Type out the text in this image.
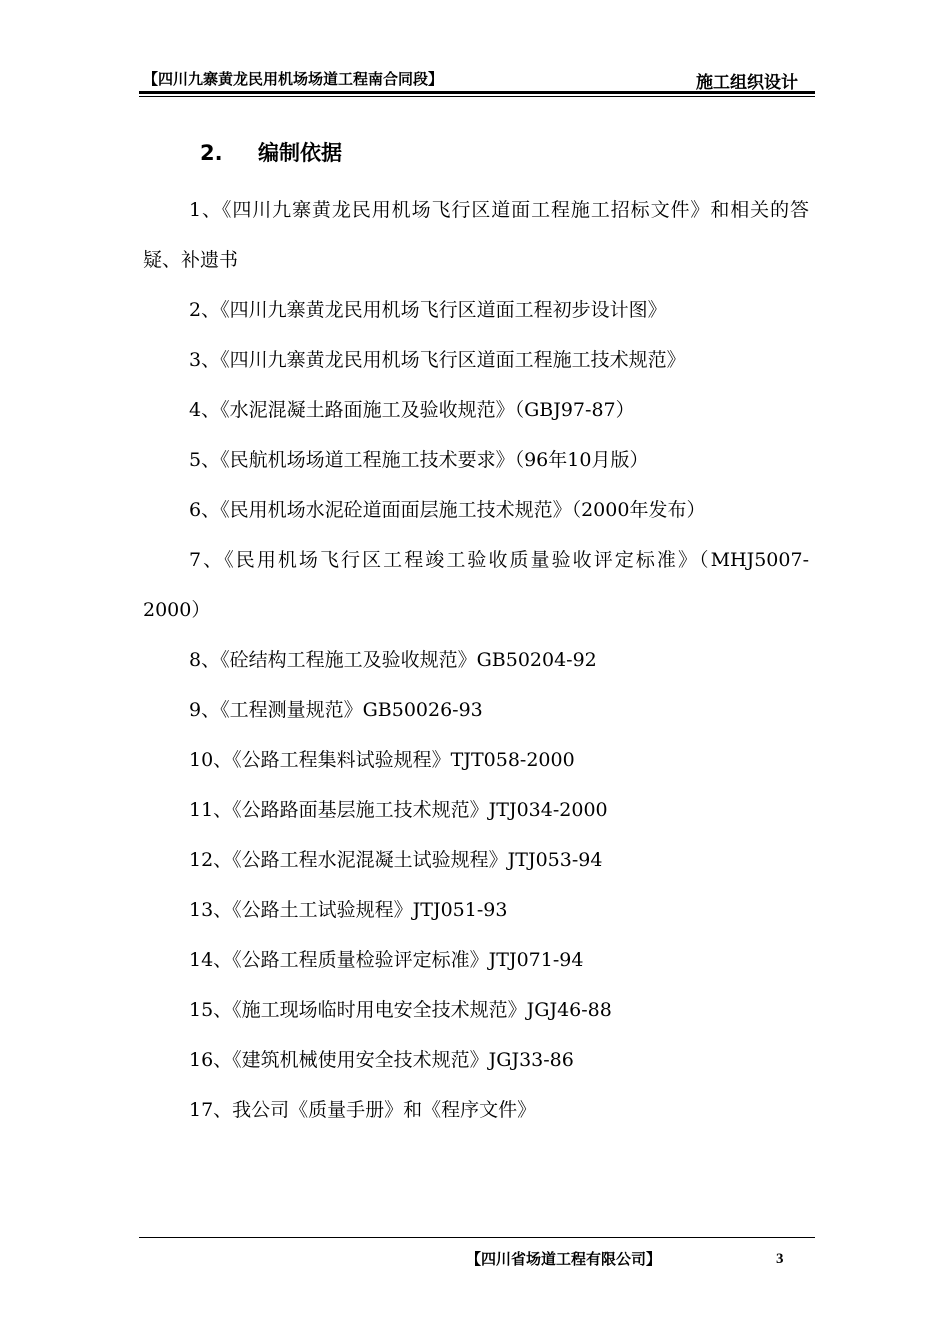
【四川九寨黄龙民用机场场道工程南合同段】	施工组织设计
2. 编制依据

1、《四川九寨黄龙民用机场飞行区道面工程施工招标文件》和相关的答疑、补遗书

2、《四川九寨黄龙民用机场飞行区道面工程初步设计图》

3、《四川九寨黄龙民用机场飞行区道面工程施工技术规范》

4、《水泥混凝土路面施工及验收规范》（GBJ97-87）

5、《民航机场场道工程施工技术要求》（96年10月版）

6、《民用机场水泥砼道面面层施工技术规范》（2000年发布）

7、《民用机场飞行区工程竣工验收质量验收评定标准》（MHJ5007-2000）

8、《砼结构工程施工及验收规范》GB50204-92

9、《工程测量规范》GB50026-93

10、《公路工程集料试验规程》TJT058-2000

11、《公路路面基层施工技术规范》JTJ034-2000

12、《公路工程水泥混凝土试验规程》JTJ053-94

13、《公路土工试验规程》JTJ051-93

14、《公路工程质量检验评定标准》JTJ071-94

15、《施工现场临时用电安全技术规范》JGJ46-88

16、《建筑机械使用安全技术规范》JGJ33-86

17、我公司《质量手册》和《程序文件》

【四川省场道工程有限公司】	3
